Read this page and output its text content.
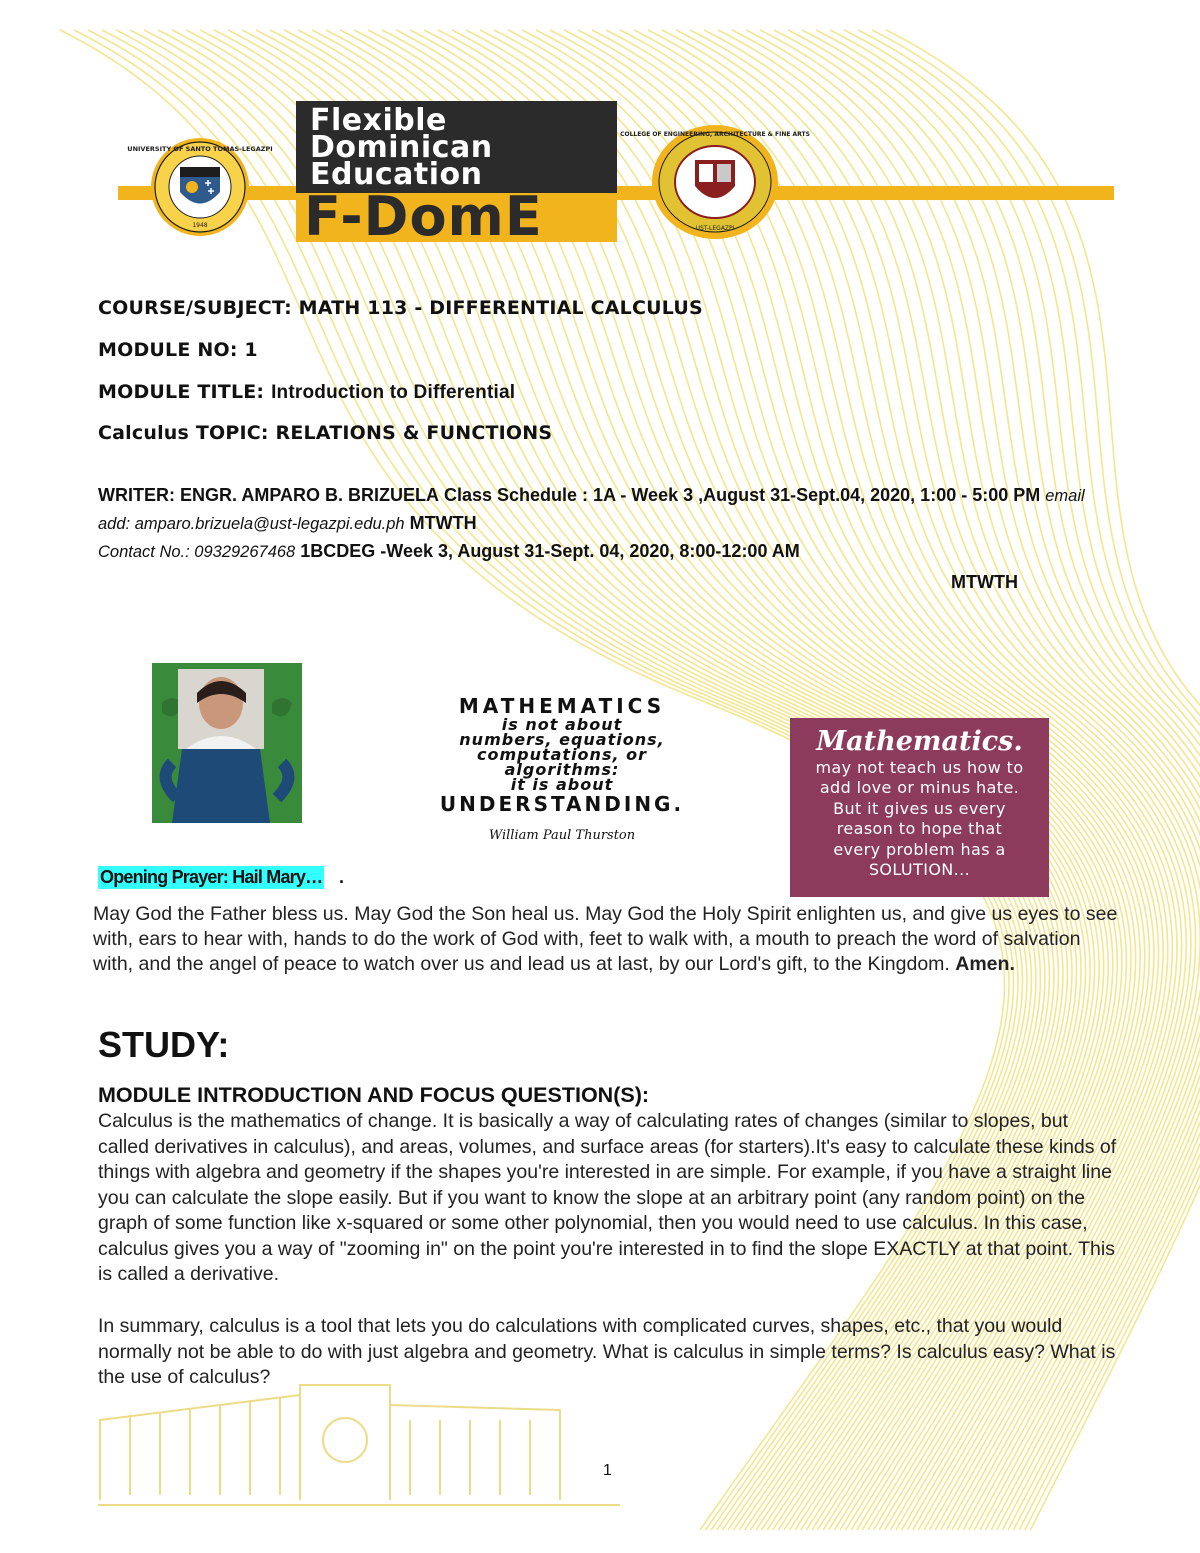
UNIVERSITY OF SANTO TOMAS-LEGAZPI
1948
Flexible
Dominican
Education
F-DomE
COLLEGE OF ENGINEERING, ARCHITECTURE & FINE ARTS
UST-LEGAZPI
COURSE/SUBJECT: MATH 113 - DIFFERENTIAL CALCULUS
MODULE NO: 1
MODULE TITLE: Introduction to Differential
Calculus TOPIC: RELATIONS & FUNCTIONS
WRITER: ENGR. AMPARO B. BRIZUELA Class Schedule : 1A - Week 3 ,August 31-Sept.04, 2020, 1:00 - 5:00 PM email add: amparo.brizuela@ust-legazpi.edu.ph MTWTH
Contact No.: 09329267468 1BCDEG -Week 3, August 31-Sept. 04, 2020, 8:00-12:00 AM
MTWTH
MATHEMATICS
is not about
numbers, equations,
computations, or
algorithms:
it is about
UNDERSTANDING.
William Paul Thurston
Mathematics.
may not teach us how to
add love or minus hate.
But it gives us every
reason to hope that
every problem has a
SOLUTION...
Opening Prayer: Hail Mary… .
May God the Father bless us. May God the Son heal us. May God the Holy Spirit enlighten us, and give us eyes to see with, ears to hear with, hands to do the work of God with, feet to walk with, a mouth to preach the word of salvation with, and the angel of peace to watch over us and lead us at last, by our Lord's gift, to the Kingdom. Amen.
STUDY:
MODULE INTRODUCTION AND FOCUS QUESTION(S):
Calculus is the mathematics of change. It is basically a way of calculating rates of changes (similar to slopes, but called derivatives in calculus), and areas, volumes, and surface areas (for starters).It's easy to calculate these kinds of things with algebra and geometry if the shapes you're interested in are simple. For example, if you have a straight line you can calculate the slope easily. But if you want to know the slope at an arbitrary point (any random point) on the graph of some function like x-squared or some other polynomial, then you would need to use calculus. In this case, calculus gives you a way of "zooming in" on the point you're interested in to find the slope EXACTLY at that point. This is called a derivative.
In summary, calculus is a tool that lets you do calculations with complicated curves, shapes, etc., that you would normally not be able to do with just algebra and geometry. What is calculus in simple terms? Is calculus easy? What is the use of calculus?
1
